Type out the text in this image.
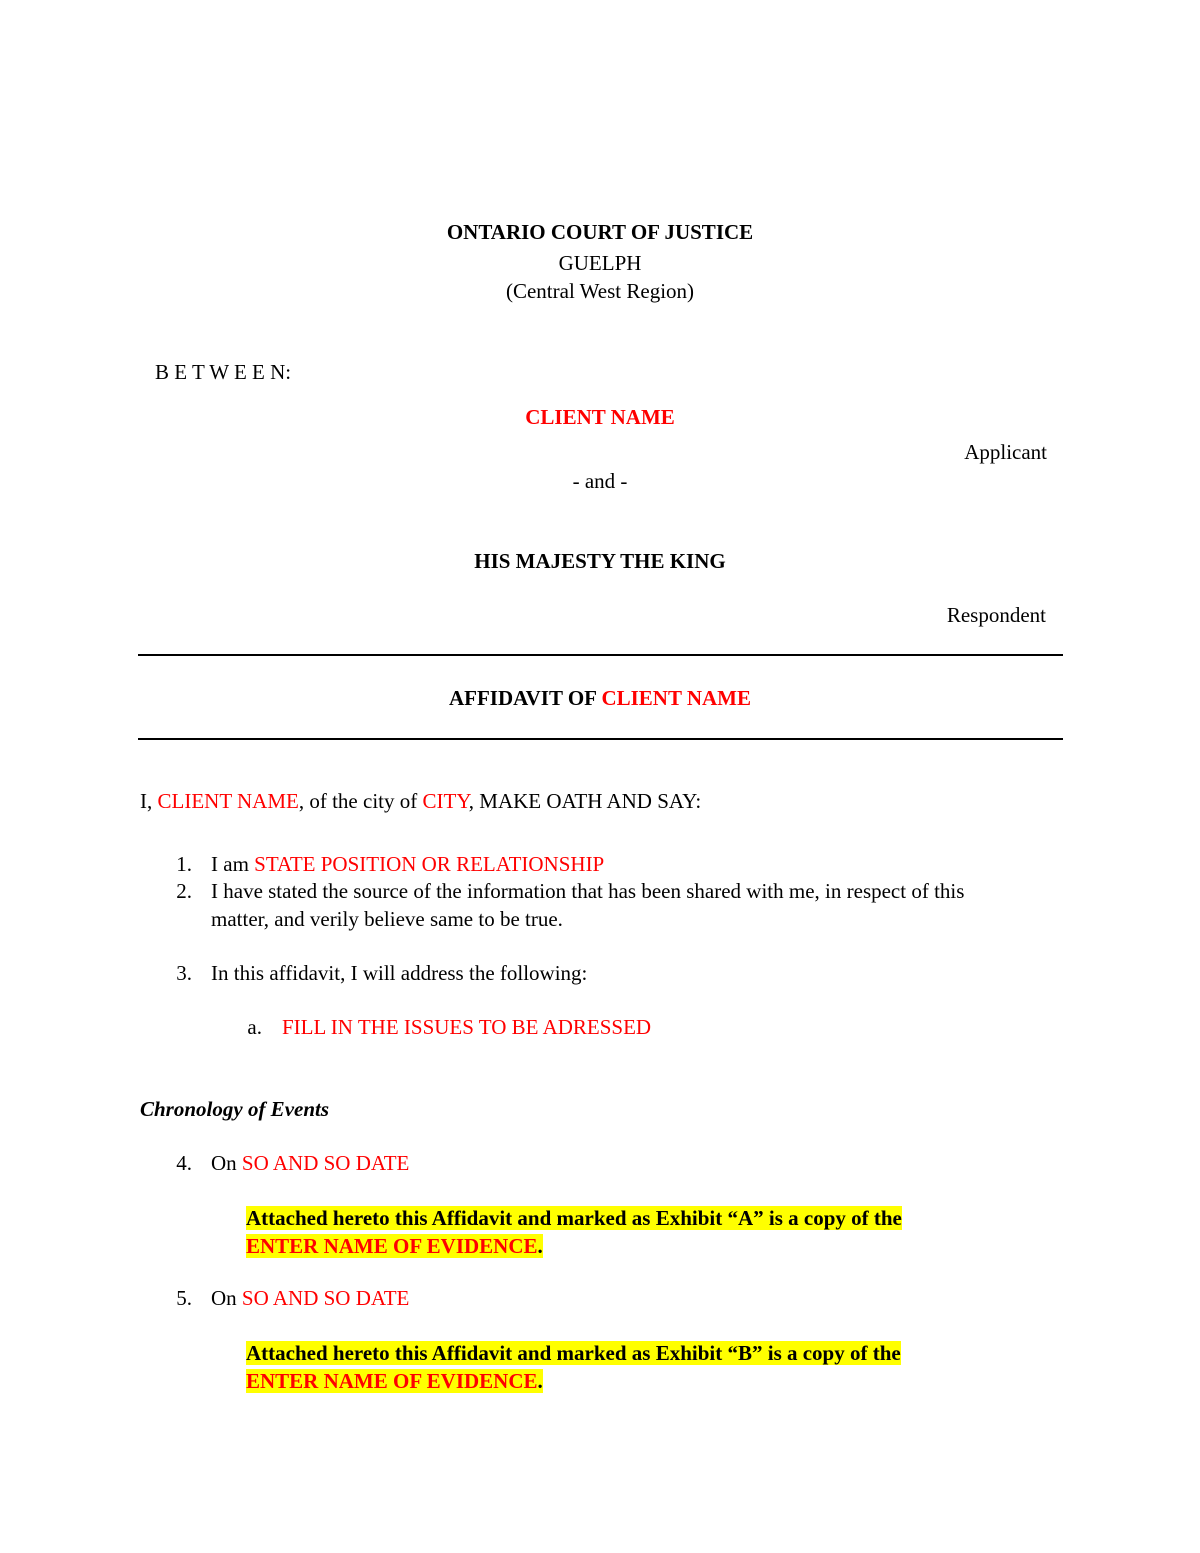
ONTARIO COURT OF JUSTICE
GUELPH
(Central West Region)
B E T W E E N:
CLIENT NAME
Applicant
- and -
HIS MAJESTY THE KING
Respondent
AFFIDAVIT OF CLIENT NAME
I, CLIENT NAME, of the city of CITY, MAKE OATH AND SAY:
1. I am STATE POSITION OR RELATIONSHIP
2. I have stated the source of the information that has been shared with me, in respect of this
matter, and verily believe same to be true.
3. In this affidavit, I will address the following:
a. FILL IN THE ISSUES TO BE ADRESSED
Chronology of Events
4. On SO AND SO DATE
Attached hereto this Affidavit and marked as Exhibit “A” is a copy of the
ENTER NAME OF EVIDENCE.
5. On SO AND SO DATE
Attached hereto this Affidavit and marked as Exhibit “B” is a copy of the
ENTER NAME OF EVIDENCE.
